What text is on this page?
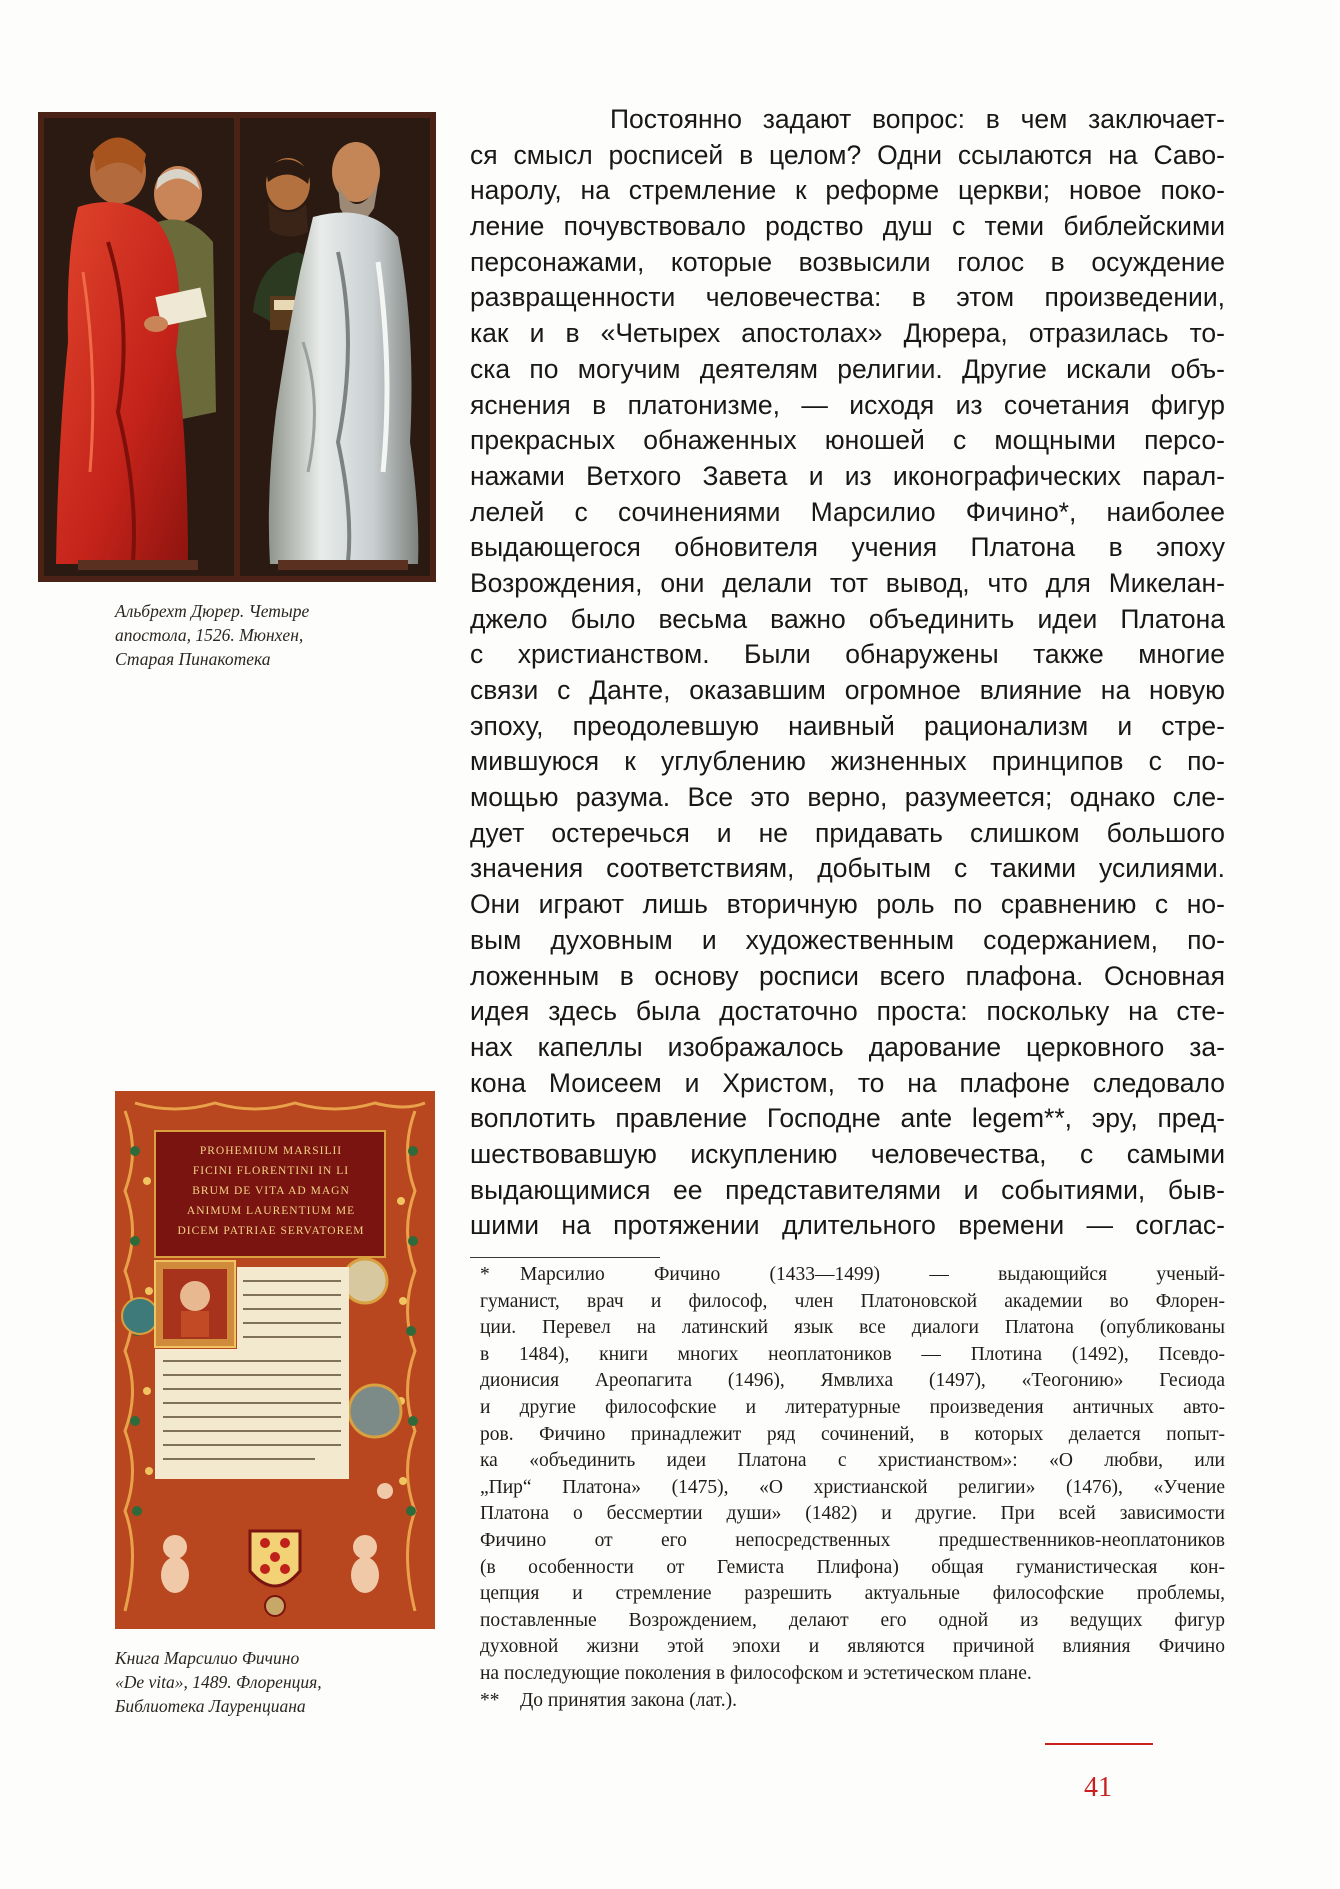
Альбрехт Дюрер. Четыре
апостола, 1526. Мюнхен,
Старая Пинакотека
PROHEMIUM MARSILII
FICINI FLORENTINI IN LI
BRUM DE VITA AD MAGN
ANIMUM LAURENTIUM ME
DICEM PATRIAE SERVATOREM
Книга Марсилио Фичино
«De vita», 1489. Флоренция,
Библиотека Лауренциана
Постоянно задают вопрос: в чем заключает-
ся смысл росписей в целом? Одни ссылаются на Саво-
наролу, на стремление к реформе церкви; новое поко-
ление почувствовало родство душ с теми библейскими
персонажами, которые возвысили голос в осуждение
развращенности человечества: в этом произведении,
как и в «Четырех апостолах» Дюрера, отразилась то-
ска по могучим деятелям религии. Другие искали объ-
яснения в платонизме, — исходя из сочетания фигур
прекрасных обнаженных юношей с мощными персо-
нажами Ветхого Завета и из иконографических парал-
лелей с сочинениями Марсилио Фичино*, наиболее
выдающегося обновителя учения Платона в эпоху
Возрождения, они делали тот вывод, что для Микелан-
джело было весьма важно объединить идеи Платона
с христианством. Были обнаружены также многие
связи с Данте, оказавшим огромное влияние на новую
эпоху, преодолевшую наивный рационализм и стре-
мившуюся к углублению жизненных принципов с по-
мощью разума. Все это верно, разумеется; однако сле-
дует остеречься и не придавать слишком большого
значения соответствиям, добытым с такими усилиями.
Они играют лишь вторичную роль по сравнению с но-
вым духовным и художественным содержанием, по-
ложенным в основу росписи всего плафона. Основная
идея здесь была достаточно проста: поскольку на сте-
нах капеллы изображалось дарование церковного за-
кона Моисеем и Христом, то на плафоне следовало
воплотить правление Господне ante legem**, эру, пред-
шествовавшую искуплению человечества, с самыми
выдающимися ее представителями и событиями, быв-
шими на протяжении длительного времени — соглас-
* Марсилио Фичино (1433—1499) — выдающийся ученый-
гуманист, врач и философ, член Платоновской академии во Флорен-
ции. Перевел на латинский язык все диалоги Платона (опубликованы
в 1484), книги многих неоплатоников — Плотина (1492), Псевдо-
дионисия Ареопагита (1496), Ямвлиха (1497), «Теогонию» Гесиода
и другие философские и литературные произведения античных авто-
ров. Фичино принадлежит ряд сочинений, в которых делается попыт-
ка «объединить идеи Платона с христианством»: «О любви, или
„Пир“ Платона» (1475), «О христианской религии» (1476), «Учение
Платона о бессмертии души» (1482) и другие. При всей зависимости
Фичино от его непосредственных предшественников-неоплатоников
(в особенности от Гемиста Плифона) общая гуманистическая кон-
цепция и стремление разрешить актуальные философские проблемы,
поставленные Возрождением, делают его одной из ведущих фигур
духовной жизни этой эпохи и являются причиной влияния Фичино
на последующие поколения в философском и эстетическом плане.
** До принятия закона (лат.).
41
